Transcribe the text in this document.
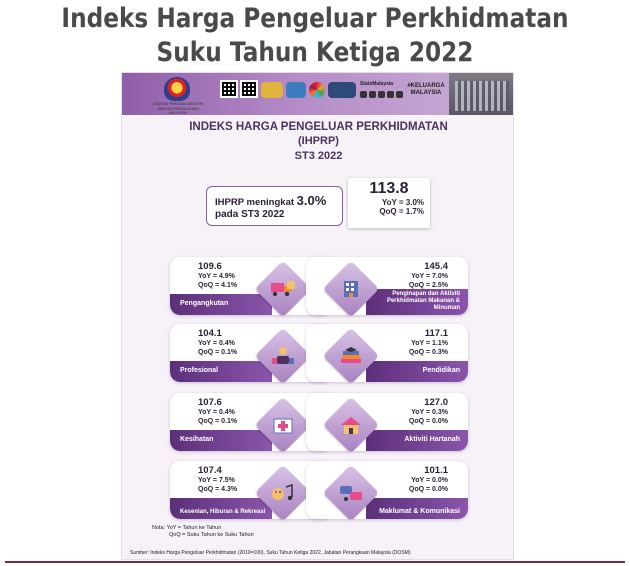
Indeks Harga Pengeluar Perkhidmatan
Suku Tahun Ketiga 2022
JABATAN PERDANA MENTERI JABATAN PERANGKAAN MALAYSIA
StatsMalaysia	#KELUARGA MALAYSIA
INDEKS HARGA PENGELUAR PERKHIDMATAN
(IHPRP)
ST3 2022
IHPRP meningkat 3.0%
pada ST3 2022
113.8
YoY = 3.0%
QoQ = 1.7%
109.6
YoY = 4.9%
QoQ = 4.1%
Pengangkutan
145.4
YoY = 7.0%
QoQ = 2.5%
Penginapan dan Aktiviti Perkhidmatan Makanan & Minuman
104.1
YoY = 0.4%
QoQ = 0.1%
Profesional
117.1
YoY = 1.1%
QoQ = 0.3%
Pendidikan
107.6
YoY = 0.4%
QoQ = 0.1%
Kesihatan
127.0
YoY = 0.3%
QoQ = 0.0%
Aktiviti Hartanah
107.4
YoY = 7.5%
QoQ = 4.3%
Kesenian, Hiburan & Rekreasi
101.1
YoY = 0.0%
QoQ = 0.0%
Maklumat & Komunikasi
Nota: YoY = Tahun ke Tahun
QoQ = Suku Tahun ke Suku Tahun
Sumber: Indeks Harga Pengeluar Perkhidmatan (2010=100), Suku Tahun Ketiga 2022, Jabatan Perangkaan Malaysia (DOSM)
